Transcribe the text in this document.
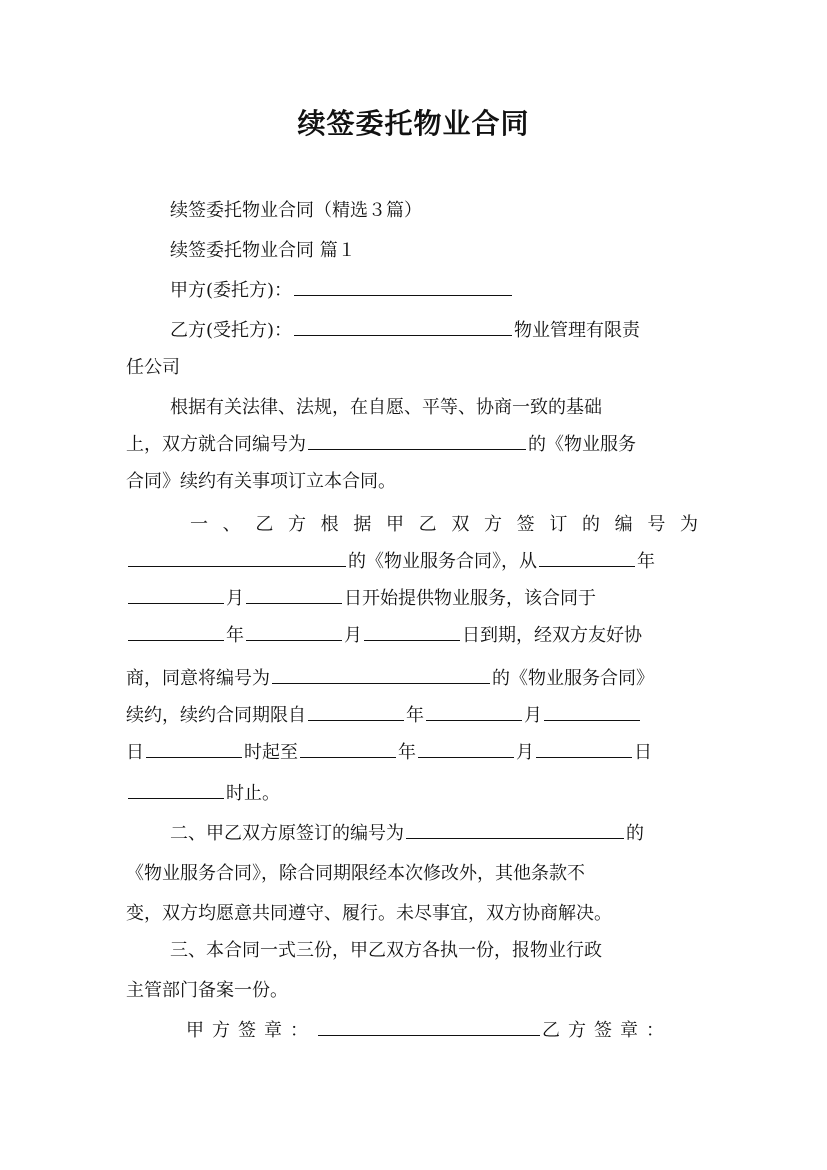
续签委托物业合同
续签委托物业合同（精选３篇）
续签委托物业合同 篇１
甲方(委托方)：
乙方(受托方)：	物业管理有限责
任公司
根据有关法律、法规，在自愿、平等、协商一致的基础
上，双方就合同编号为	的《物业服务
合同》续约有关事项订立本合同。
一、乙方根据甲乙双方签订的编号为
的《物业服务合同》，从	年
月	日开始提供物业服务，该合同于
年	月	日到期，经双方友好协
商，同意将编号为	的《物业服务合同》
续约，续约合同期限自	年	月
日	时起至	年	月	日
时止。
二、甲乙双方原签订的编号为	的
《物业服务合同》，除合同期限经本次修改外，其他条款不
变，双方均愿意共同遵守、履行。未尽事宜，双方协商解决。
三、本合同一式三份，甲乙双方各执一份，报物业行政
主管部门备案一份。
甲方签章：	乙方签章：
